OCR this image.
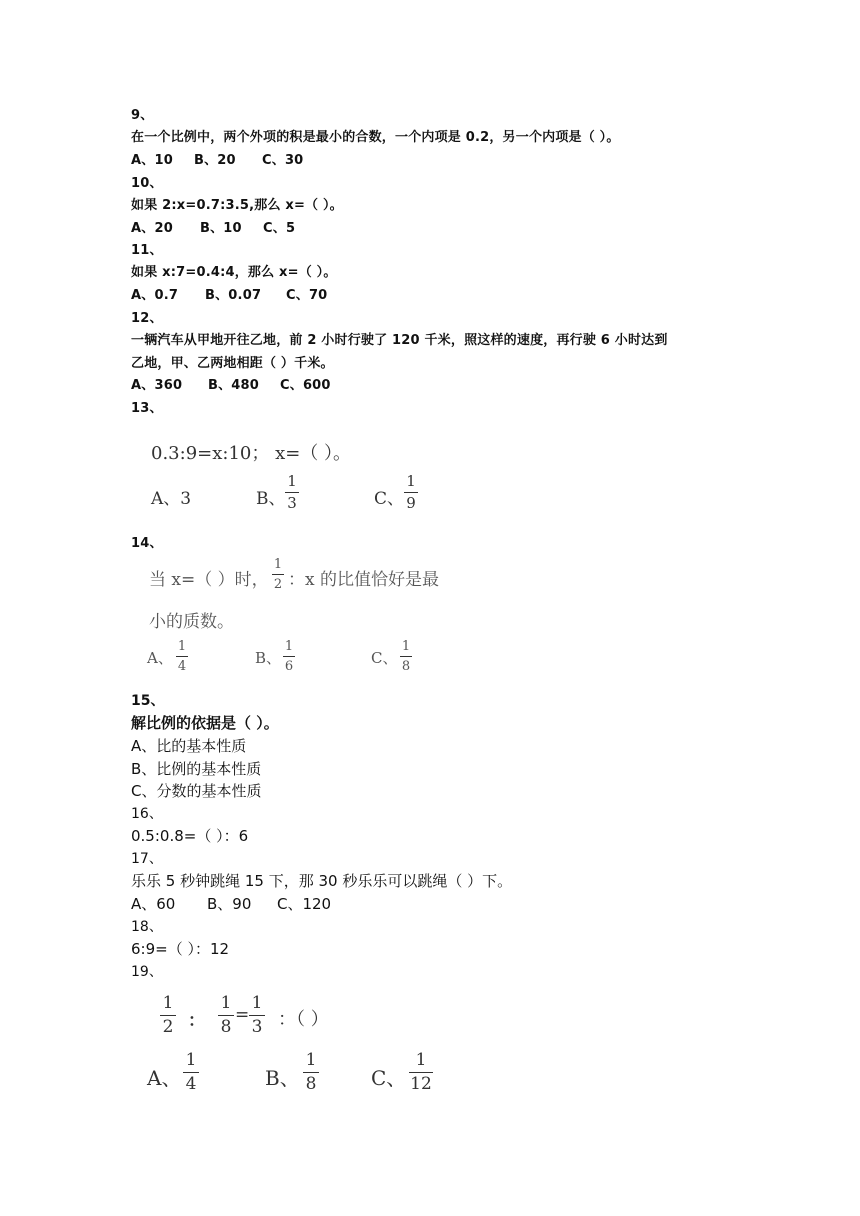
9、
在一个比例中，两个外项的积是最小的合数，一个内项是 0.2，另一个内项是（ ）。
A、10 B、20 C、30
10、
如果 2:x=0.7:3.5,那么 x=（ ）。
A、20 B、10 C、5
11、
如果 x:7=0.4:4，那么 x=（ ）。
A、0.7 B、0.07 C、70
12、
一辆汽车从甲地开往乙地，前 2 小时行驶了 120 千米，照这样的速度，再行驶 6 小时达到
乙地，甲、乙两地相距（ ）千米。
A、360 B、480 C、600
13、
0.3:9=x:10； x=（ ）。
A、3	B、
1
3	C、
1
9
14、
当 x=（ ）时，
1
2 ：x 的比值恰好是最
小的质数。
A、
1
4	B、
1
6	C、
1
8
15、
解比例的依据是（ ）。
A、比的基本性质
B、比例的基本性质
C、分数的基本性质
16、
0.5:0.8=（ ）：6
17、
乐乐 5 秒钟跳绳 15 下，那 30 秒乐乐可以跳绳（ ）下。
A、60 B、90 C、120
18、
6:9=（ ）：12
19、
1
2 ：
1
8
=
1
3 ：（ ）
A、
1
4	B、
1
8	C、
1
12
